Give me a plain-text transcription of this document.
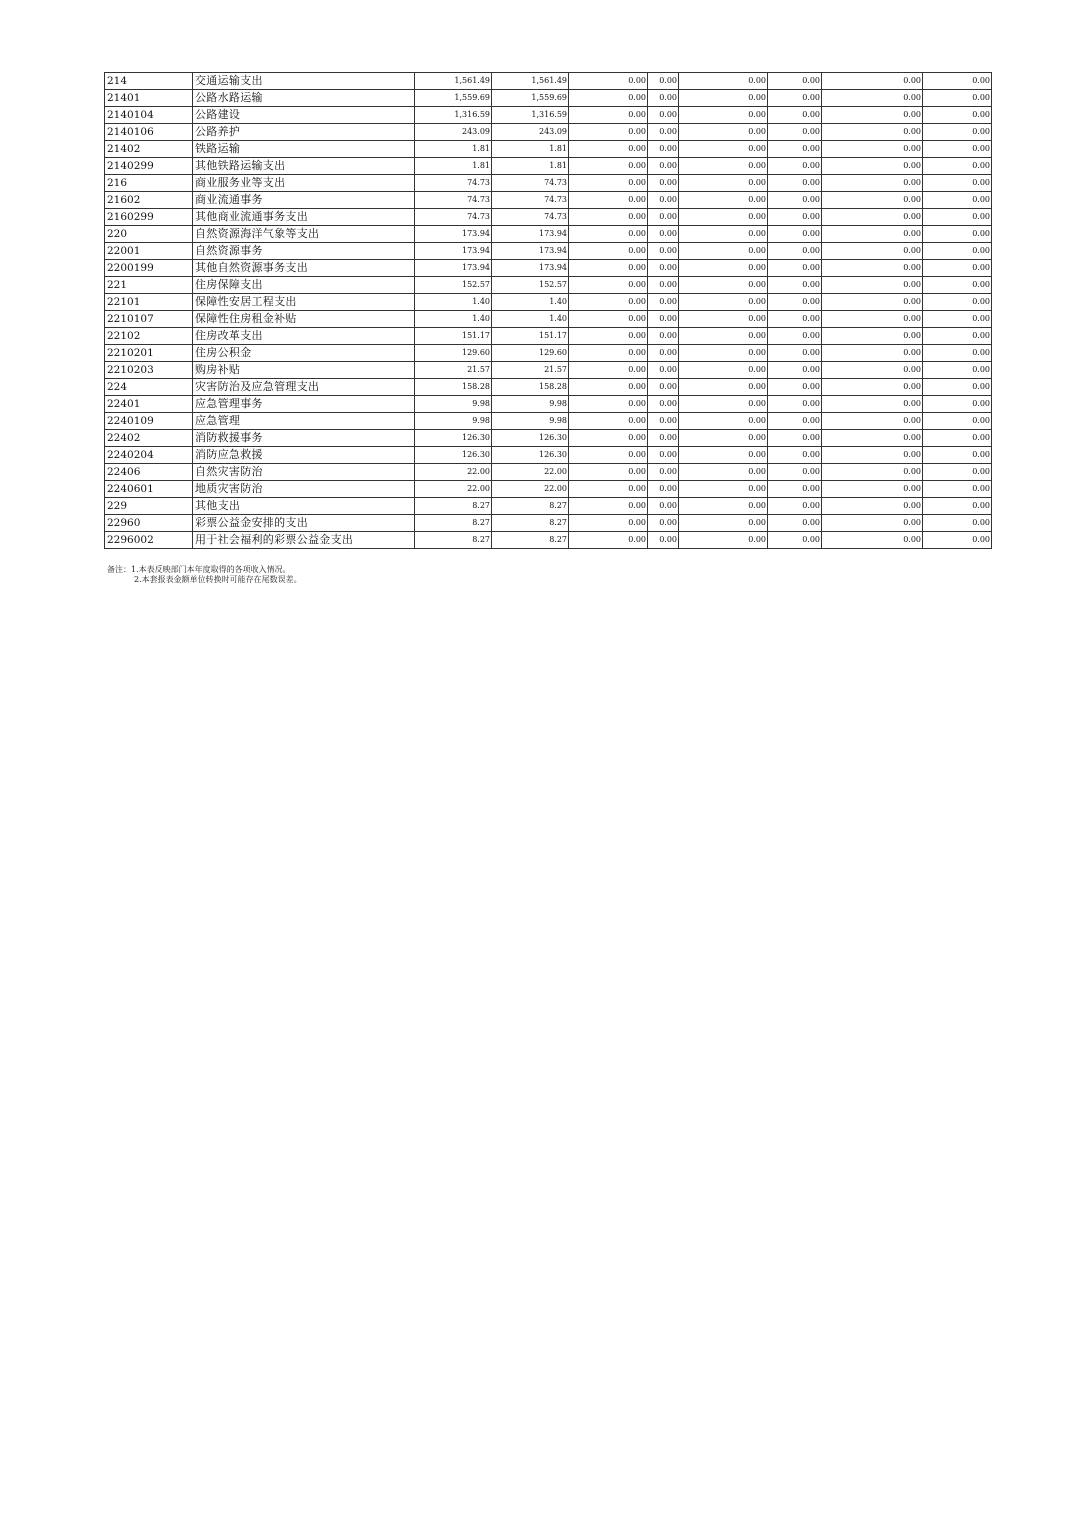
214	交通运输支出	1,561.49	1,561.49	0.00	0.00	0.00	0.00	0.00	0.00
21401	公路水路运输	1,559.69	1,559.69	0.00	0.00	0.00	0.00	0.00	0.00
2140104	公路建设	1,316.59	1,316.59	0.00	0.00	0.00	0.00	0.00	0.00
2140106	公路养护	243.09	243.09	0.00	0.00	0.00	0.00	0.00	0.00
21402	铁路运输	1.81	1.81	0.00	0.00	0.00	0.00	0.00	0.00
2140299	其他铁路运输支出	1.81	1.81	0.00	0.00	0.00	0.00	0.00	0.00
216	商业服务业等支出	74.73	74.73	0.00	0.00	0.00	0.00	0.00	0.00
21602	商业流通事务	74.73	74.73	0.00	0.00	0.00	0.00	0.00	0.00
2160299	其他商业流通事务支出	74.73	74.73	0.00	0.00	0.00	0.00	0.00	0.00
220	自然资源海洋气象等支出	173.94	173.94	0.00	0.00	0.00	0.00	0.00	0.00
22001	自然资源事务	173.94	173.94	0.00	0.00	0.00	0.00	0.00	0.00
2200199	其他自然资源事务支出	173.94	173.94	0.00	0.00	0.00	0.00	0.00	0.00
221	住房保障支出	152.57	152.57	0.00	0.00	0.00	0.00	0.00	0.00
22101	保障性安居工程支出	1.40	1.40	0.00	0.00	0.00	0.00	0.00	0.00
2210107	保障性住房租金补贴	1.40	1.40	0.00	0.00	0.00	0.00	0.00	0.00
22102	住房改革支出	151.17	151.17	0.00	0.00	0.00	0.00	0.00	0.00
2210201	住房公积金	129.60	129.60	0.00	0.00	0.00	0.00	0.00	0.00
2210203	购房补贴	21.57	21.57	0.00	0.00	0.00	0.00	0.00	0.00
224	灾害防治及应急管理支出	158.28	158.28	0.00	0.00	0.00	0.00	0.00	0.00
22401	应急管理事务	9.98	9.98	0.00	0.00	0.00	0.00	0.00	0.00
2240109	应急管理	9.98	9.98	0.00	0.00	0.00	0.00	0.00	0.00
22402	消防救援事务	126.30	126.30	0.00	0.00	0.00	0.00	0.00	0.00
2240204	消防应急救援	126.30	126.30	0.00	0.00	0.00	0.00	0.00	0.00
22406	自然灾害防治	22.00	22.00	0.00	0.00	0.00	0.00	0.00	0.00
2240601	地质灾害防治	22.00	22.00	0.00	0.00	0.00	0.00	0.00	0.00
229	其他支出	8.27	8.27	0.00	0.00	0.00	0.00	0.00	0.00
22960	彩票公益金安排的支出	8.27	8.27	0.00	0.00	0.00	0.00	0.00	0.00
2296002	用于社会福利的彩票公益金支出	8.27	8.27	0.00	0.00	0.00	0.00	0.00	0.00
备注：1.本表反映部门本年度取得的各项收入情况。
2.本套报表金额单位转换时可能存在尾数误差。
